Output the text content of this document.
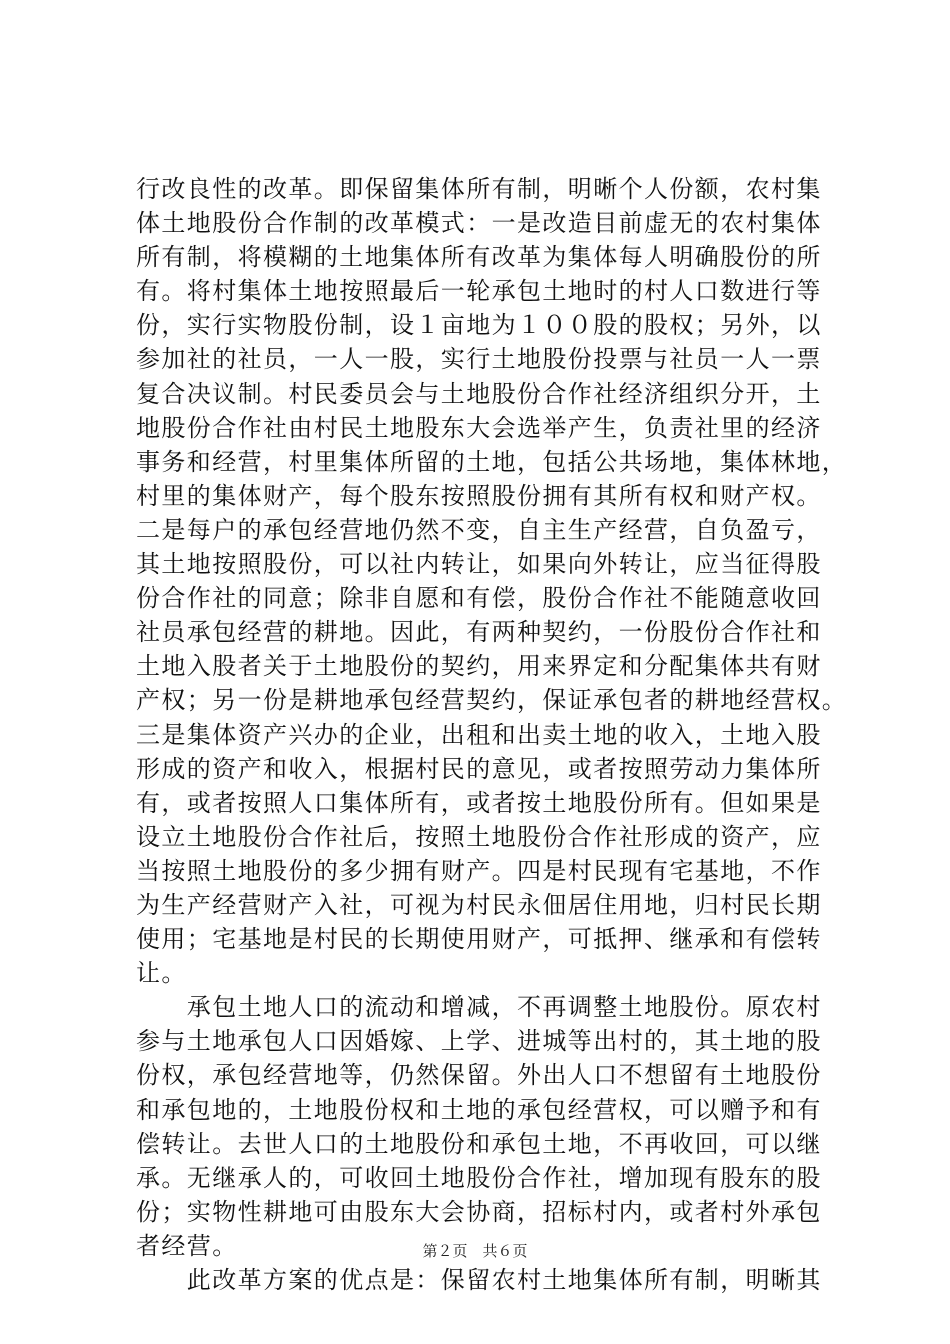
行改良性的改革。即保留集体所有制，明晰个人份额，农村集
体土地股份合作制的改革模式：一是改造目前虚无的农村集体
所有制，将模糊的土地集体所有改革为集体每人明确股份的所
有。将村集体土地按照最后一轮承包土地时的村人口数进行等
份，实行实物股份制，设１亩地为１００股的股权；另外，以
参加社的社员，一人一股，实行土地股份投票与社员一人一票
复合决议制。村民委员会与土地股份合作社经济组织分开，土
地股份合作社由村民土地股东大会选举产生，负责社里的经济
事务和经营，村里集体所留的土地，包括公共场地，集体林地，
村里的集体财产，每个股东按照股份拥有其所有权和财产权。
二是每户的承包经营地仍然不变，自主生产经营，自负盈亏，
其土地按照股份，可以社内转让，如果向外转让，应当征得股
份合作社的同意；除非自愿和有偿，股份合作社不能随意收回
社员承包经营的耕地。因此，有两种契约，一份股份合作社和
土地入股者关于土地股份的契约，用来界定和分配集体共有财
产权；另一份是耕地承包经营契约，保证承包者的耕地经营权。
三是集体资产兴办的企业，出租和出卖土地的收入，土地入股
形成的资产和收入，根据村民的意见，或者按照劳动力集体所
有，或者按照人口集体所有，或者按土地股份所有。但如果是
设立土地股份合作社后，按照土地股份合作社形成的资产，应
当按照土地股份的多少拥有财产。四是村民现有宅基地，不作
为生产经营财产入社，可视为村民永佃居住用地，归村民长期
使用；宅基地是村民的长期使用财产，可抵押、继承和有偿转
让。
　　承包土地人口的流动和增减，不再调整土地股份。原农村
参与土地承包人口因婚嫁、上学、进城等出村的，其土地的股
份权，承包经营地等，仍然保留。外出人口不想留有土地股份
和承包地的，土地股份权和土地的承包经营权，可以赠予和有
偿转让。去世人口的土地股份和承包土地，不再收回，可以继
承。无继承人的，可收回土地股份合作社，增加现有股东的股
份；实物性耕地可由股东大会协商，招标村内，或者村外承包
者经营。
　　此改革方案的优点是：保留农村土地集体所有制，明晰其
第２页　共６页
